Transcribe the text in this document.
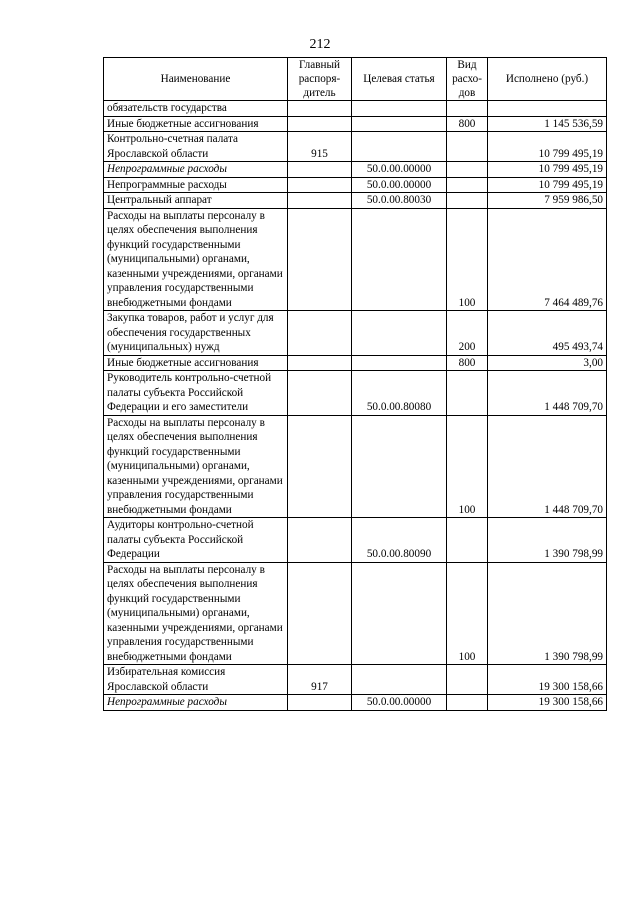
212
Наименование	Главный распоря- дитель	Целевая статья	Вид расхо- дов	Исполнено (руб.)
обязательств государства				
Иные бюджетные ассигнования			800	1 145 536,59
Контрольно-счетная палата Ярославской области	915			10 799 495,19
Непрограммные расходы		50.0.00.00000		10 799 495,19
Непрограммные расходы		50.0.00.00000		10 799 495,19
Центральный аппарат		50.0.00.80030		7 959 986,50
Расходы на выплаты персоналу в целях обеспечения выполнения функций государственными (муниципальными) органами, казенными учреждениями, органами управления государственными внебюджетными фондами			100	7 464 489,76
Закупка товаров, работ и услуг для обеспечения государственных (муниципальных) нужд			200	495 493,74
Иные бюджетные ассигнования			800	3,00
Руководитель контрольно-счетной палаты субъекта Российской Федерации и его заместители		50.0.00.80080		1 448 709,70
Расходы на выплаты персоналу в целях обеспечения выполнения функций государственными (муниципальными) органами, казенными учреждениями, органами управления государственными внебюджетными фондами			100	1 448 709,70
Аудиторы контрольно-счетной палаты субъекта Российской Федерации		50.0.00.80090		1 390 798,99
Расходы на выплаты персоналу в целях обеспечения выполнения функций государственными (муниципальными) органами, казенными учреждениями, органами управления государственными внебюджетными фондами			100	1 390 798,99
Избирательная комиссия Ярославской области	917			19 300 158,66
Непрограммные расходы		50.0.00.00000		19 300 158,66
